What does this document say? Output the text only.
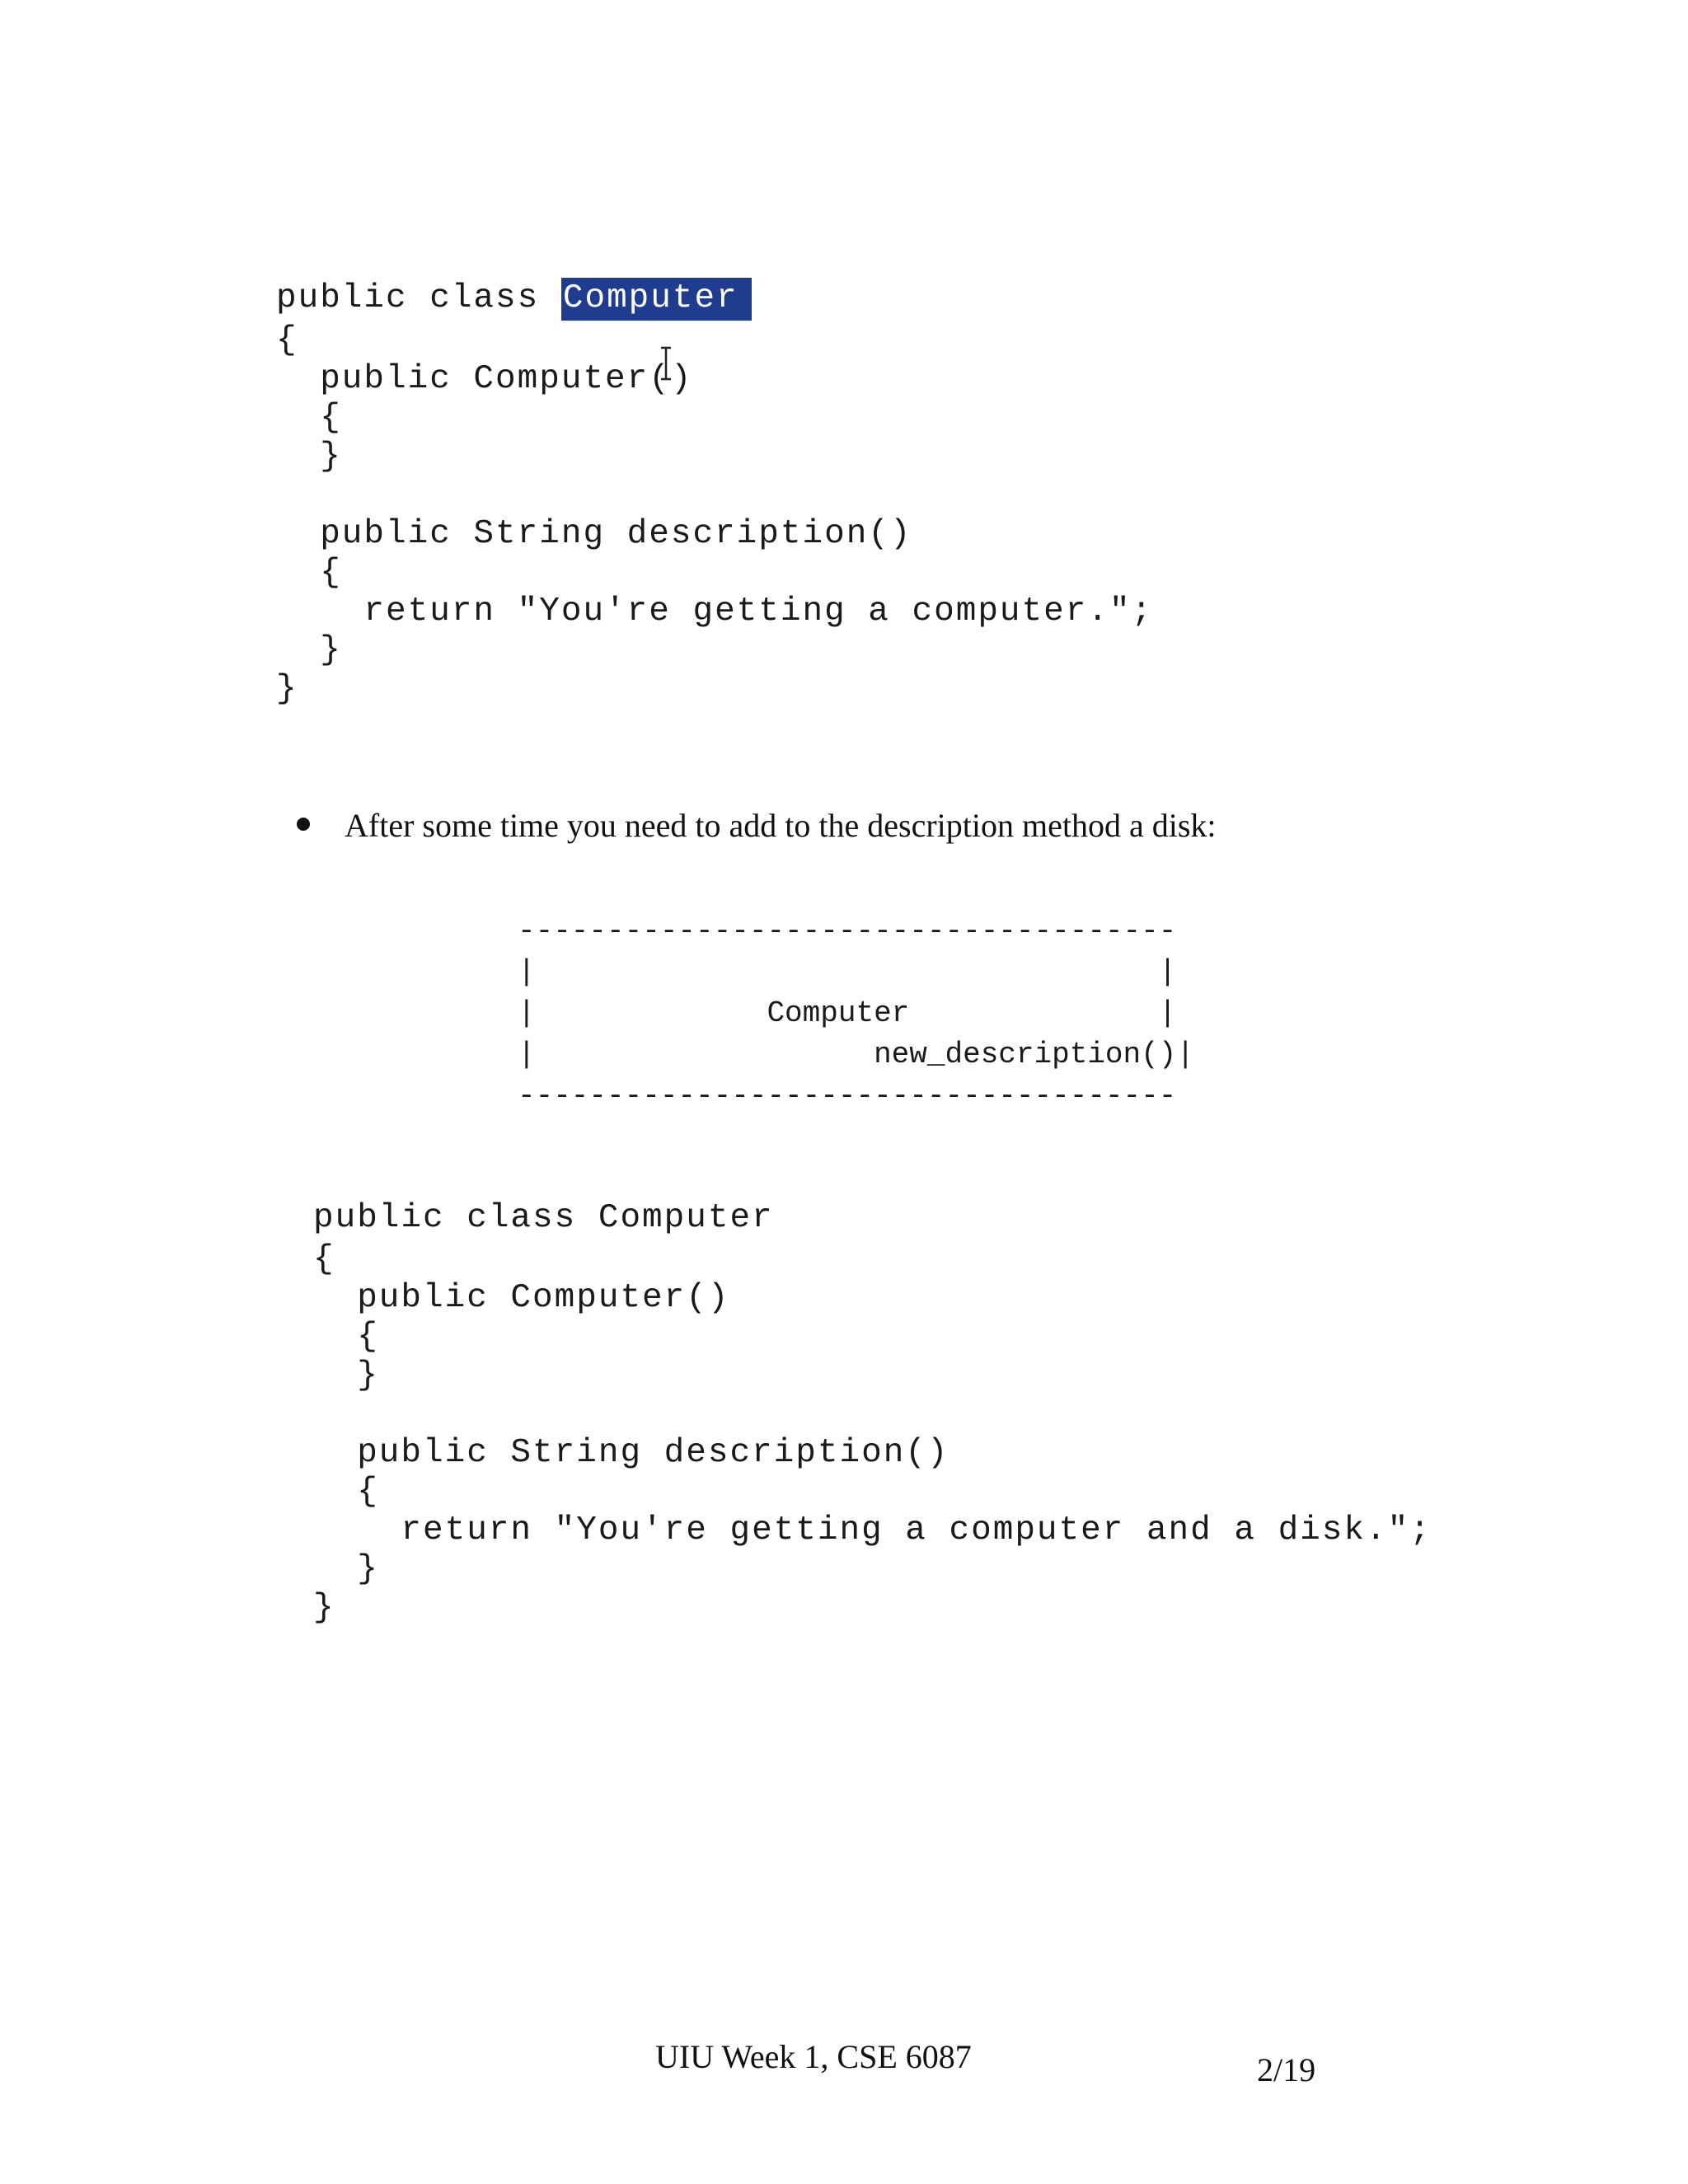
public class Computer
{
public Computer()
{
}
public String description()
{
return "You're getting a computer.";
}
}
After some time you need to add to the description method a disk:
-------------------------------------
|                                   |
|             Computer              |
|                   new_description()|
-------------------------------------
public class Computer
{
public Computer()
{
}
public String description()
{
return "You're getting a computer and a disk.";
}
}
UIU Week 1, CSE 6087	2/19
